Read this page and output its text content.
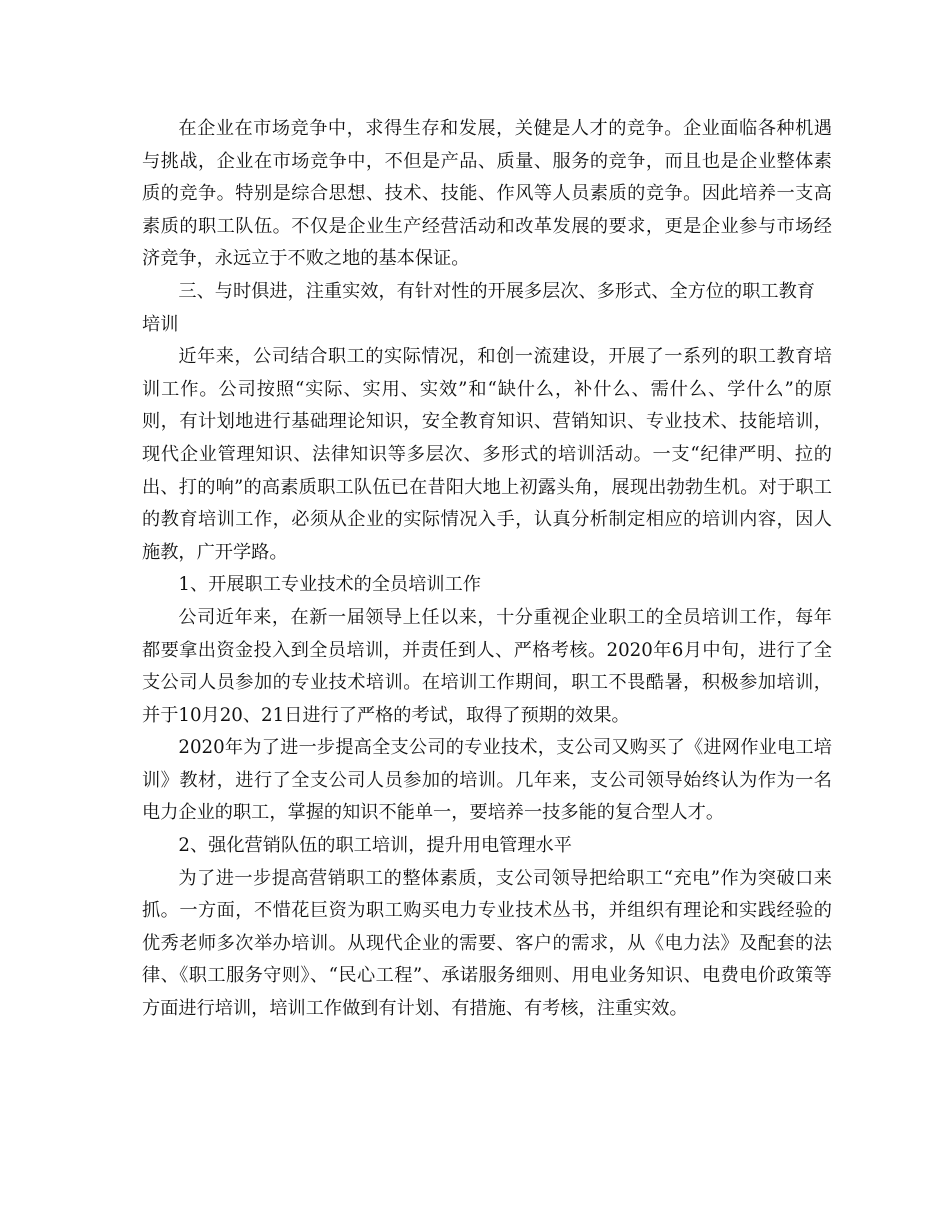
在企业在市场竞争中，求得生存和发展，关健是人才的竞争。企业面临各种机遇与挑战，企业在市场竞争中，不但是产品、质量、服务的竞争，而且也是企业整体素质的竞争。特别是综合思想、技术、技能、作风等人员素质的竞争。因此培养一支高素质的职工队伍。不仅是企业生产经营活动和改革发展的要求，更是企业参与市场经济竞争，永远立于不败之地的基本保证。

三、与时俱进，注重实效，有针对性的开展多层次、多形式、全方位的职工教育培训

近年来，公司结合职工的实际情况，和创一流建设，开展了一系列的职工教育培训工作。公司按照“实际、实用、实效”和“缺什么，补什么、需什么、学什么”的原则，有计划地进行基础理论知识，安全教育知识、营销知识、专业技术、技能培训，现代企业管理知识、法律知识等多层次、多形式的培训活动。一支“纪律严明、拉的出、打的响”的高素质职工队伍已在昔阳大地上初露头角，展现出勃勃生机。对于职工的教育培训工作，必须从企业的实际情况入手，认真分析制定相应的培训内容，因人施教，广开学路。

1、开展职工专业技术的全员培训工作

公司近年来，在新一届领导上任以来，十分重视企业职工的全员培训工作，每年都要拿出资金投入到全员培训，并责任到人、严格考核。2020年6月中旬，进行了全支公司人员参加的专业技术培训。在培训工作期间，职工不畏酷暑，积极参加培训，并于10月20、21日进行了严格的考试，取得了预期的效果。

2020年为了进一步提高全支公司的专业技术，支公司又购买了《进网作业电工培训》教材，进行了全支公司人员参加的培训。几年来，支公司领导始终认为作为一名电力企业的职工，掌握的知识不能单一，要培养一技多能的复合型人才。

2、强化营销队伍的职工培训，提升用电管理水平

为了进一步提高营销职工的整体素质，支公司领导把给职工“充电”作为突破口来抓。一方面，不惜花巨资为职工购买电力专业技术丛书，并组织有理论和实践经验的优秀老师多次举办培训。从现代企业的需要、客户的需求，从《电力法》及配套的法律、《职工服务守则》、“民心工程”、承诺服务细则、用电业务知识、电费电价政策等方面进行培训，培训工作做到有计划、有措施、有考核，注重实效。
